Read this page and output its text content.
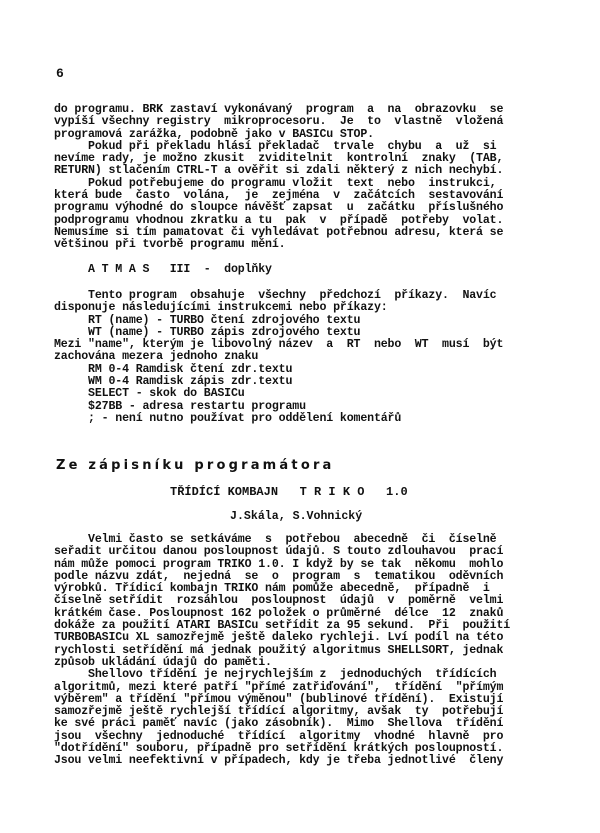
6

do programu. BRK zastaví vykonávaný  program  a  na  obrazovku  se

vypíší všechny registry  mikroprocesoru.  Je  to  vlastně  vložená

programová zarážka, podobně jako v BASICu STOP.

Pokud při překladu hlásí překladač  trvale  chybu  a  už  si

nevíme rady, je možno zkusit  zviditelnit  kontrolní  znaky  (TAB,

RETURN) stlačením CTRL-T a ověřit si zdali některý z nich nechybí.

Pokud potřebujeme do programu vložit  text  nebo  instrukci,

která bude  často  volána,  je  zejména  v  začátcích  sestavování

programu výhodné do sloupce návěšť zapsat  u  začátku  příslušného

podprogramu vhodnou zkratku a tu  pak  v  případě  potřeby  volat.

Nemusíme si tím pamatovat či vyhledávat potřebnou adresu, která se

většinou při tvorbě programu mění.

A T M A S   III  -  doplňky

Tento program  obsahuje  všechny  předchozí  příkazy.  Navíc

disponuje následujícími instrukcemi nebo příkazy:

RT (name) - TURBO čtení zdrojového textu

WT (name) - TURBO zápis zdrojového textu

Mezi "name", kterým je libovolný název  a  RT  nebo  WT  musí  být

zachována mezera jednoho znaku

RM 0-4 Ramdisk čtení zdr.textu

WM 0-4 Ramdisk zápis zdr.textu

SELECT - skok do BASICu

$27BB - adresa restartu programu

; - není nutno používat pro oddělení komentářů

Ze zápisníku programátora
TŘÍDÍCÍ KOMBAJN   T R I K O   1.0
J.Skála, S.Vohnický

Velmi často se setkáváme  s  potřebou  abecedně  či  číselně

seřadit určitou danou posloupnost údajů. S touto zdlouhavou  prací

nám může pomoci program TRIKO 1.0. I když by se tak  někomu  mohlo

podle názvu zdát,  nejedná  se  o  program  s  tematikou  oděvních

výrobků. Třídicí kombajn TRIKO nám pomůže abecedně,  případně  i

číselně setřídit  rozsáhlou  posloupnost  údajů  v  poměrně  velmi

krátkém čase. Posloupnost 162 položek o průměrné  délce  12  znaků

dokáže za použití ATARI BASICu setřídit za 95 sekund.  Při  použití

TURBOBASICu XL samozřejmě ještě daleko rychleji. Lví podíl na této

rychlosti setřídění má jednak použitý algoritmus SHELLSORT, jednak

způsob ukládání údajů do paměti.

Shellovo třídění je nejrychlejším z  jednoduchých  třídících

algoritmů, mezi které patří "přímé zatřiďování",  třídění  "přímým

výběrem" a třídění "přímou výměnou" (bublinové třídění).  Existují

samozřejmě ještě rychlejší třídící algoritmy, avšak  ty  potřebují

ke své práci paměť navíc (jako zásobník).  Mimo  Shellova  třídění

jsou  všechny  jednoduché  třídící  algoritmy  vhodné  hlavně  pro

"dotřídění" souboru, případně pro setřídění krátkých posloupností.

Jsou velmi neefektivní v případech, kdy je třeba jednotlivé  členy
